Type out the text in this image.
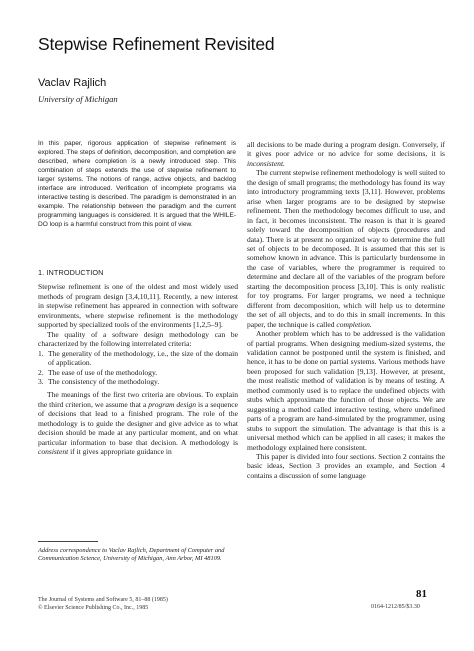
Stepwise Refinement Revisited
Vaclav Rajlich
University of Michigan
In this paper, rigorous application of stepwise refinement is explored. The steps of definition, decomposition, and completion are described, where completion is a newly introduced step. This combination of steps extends the use of stepwise refinement to larger systems. The notions of range, active objects, and backlog interface are introduced. Verification of incomplete programs via interactive testing is described. The paradigm is demonstrated in an example. The relationship between the paradigm and the current programming languages is considered. It is argued that the WHILE-DO loop is a harmful construct from this point of view.
1. INTRODUCTION

Stepwise refinement is one of the oldest and most widely used methods of program design [3,4,10,11]. Recently, a new interest in stepwise refinement has appeared in connection with software environments, where stepwise refinement is the methodology supported by specialized tools of the environments [1,2,5–9].

The quality of a software design methodology can be characterized by the following interrelated criteria:

1. The generality of the methodology, i.e., the size of the domain of application.
2. The ease of use of the methodology.
3. The consistency of the methodology.

The meanings of the first two criteria are obvious. To explain the third criterion, we assume that a program design is a sequence of decisions that lead to a finished program. The role of the methodology is to guide the designer and give advice as to what decision should be made at any particular moment, and on what particular information to base that decision. A methodology is consistent if it gives appropriate guidance in

Address correspondence to Vaclav Rajlich, Department of Computer and Communication Science, University of Michigan, Ann Arbor, MI 48109.

all decisions to be made during a program design. Conversely, if it gives poor advice or no advice for some decisions, it is inconsistent.

The current stepwise refinement methodology is well suited to the design of small programs; the methodology has found its way into introductory programming texts [3,11]. However, problems arise when larger programs are to be designed by stepwise refinement. Then the methodology becomes difficult to use, and in fact, it becomes inconsistent. The reason is that it is geared solely toward the decomposition of objects (procedures and data). There is at present no organized way to determine the full set of objects to be decomposed. It is assumed that this set is somehow known in advance. This is particularly burdensome in the case of variables, where the programmer is required to determine and declare all of the variables of the program before starting the decomposition process [3,10]. This is only realistic for toy programs. For larger programs, we need a technique different from decomposition, which will help us to determine the set of all objects, and to do this in small increments. In this paper, the technique is called completion.

Another problem which has to be addressed is the validation of partial programs. When designing medium-sized systems, the validation cannot be postponed until the system is finished, and hence, it has to be done on partial systems. Various methods have been proposed for such validation [9,13]. However, at present, the most realistic method of validation is by means of testing. A method commonly used is to replace the undefined objects with stubs which approximate the function of those objects. We are suggesting a method called interactive testing, where undefined parts of a program are hand-simulated by the programmer, using stubs to support the simulation. The advantage is that this is a universal method which can be applied in all cases; it makes the methodology explained here consistent.

This paper is divided into four sections. Section 2 contains the basic ideas, Section 3 provides an example, and Section 4 contains a discussion of some language

The Journal of Systems and Software 5, 81–88 (1985)
© Elsevier Science Publishing Co., Inc., 1985
81
0164-1212/85/$3.30
